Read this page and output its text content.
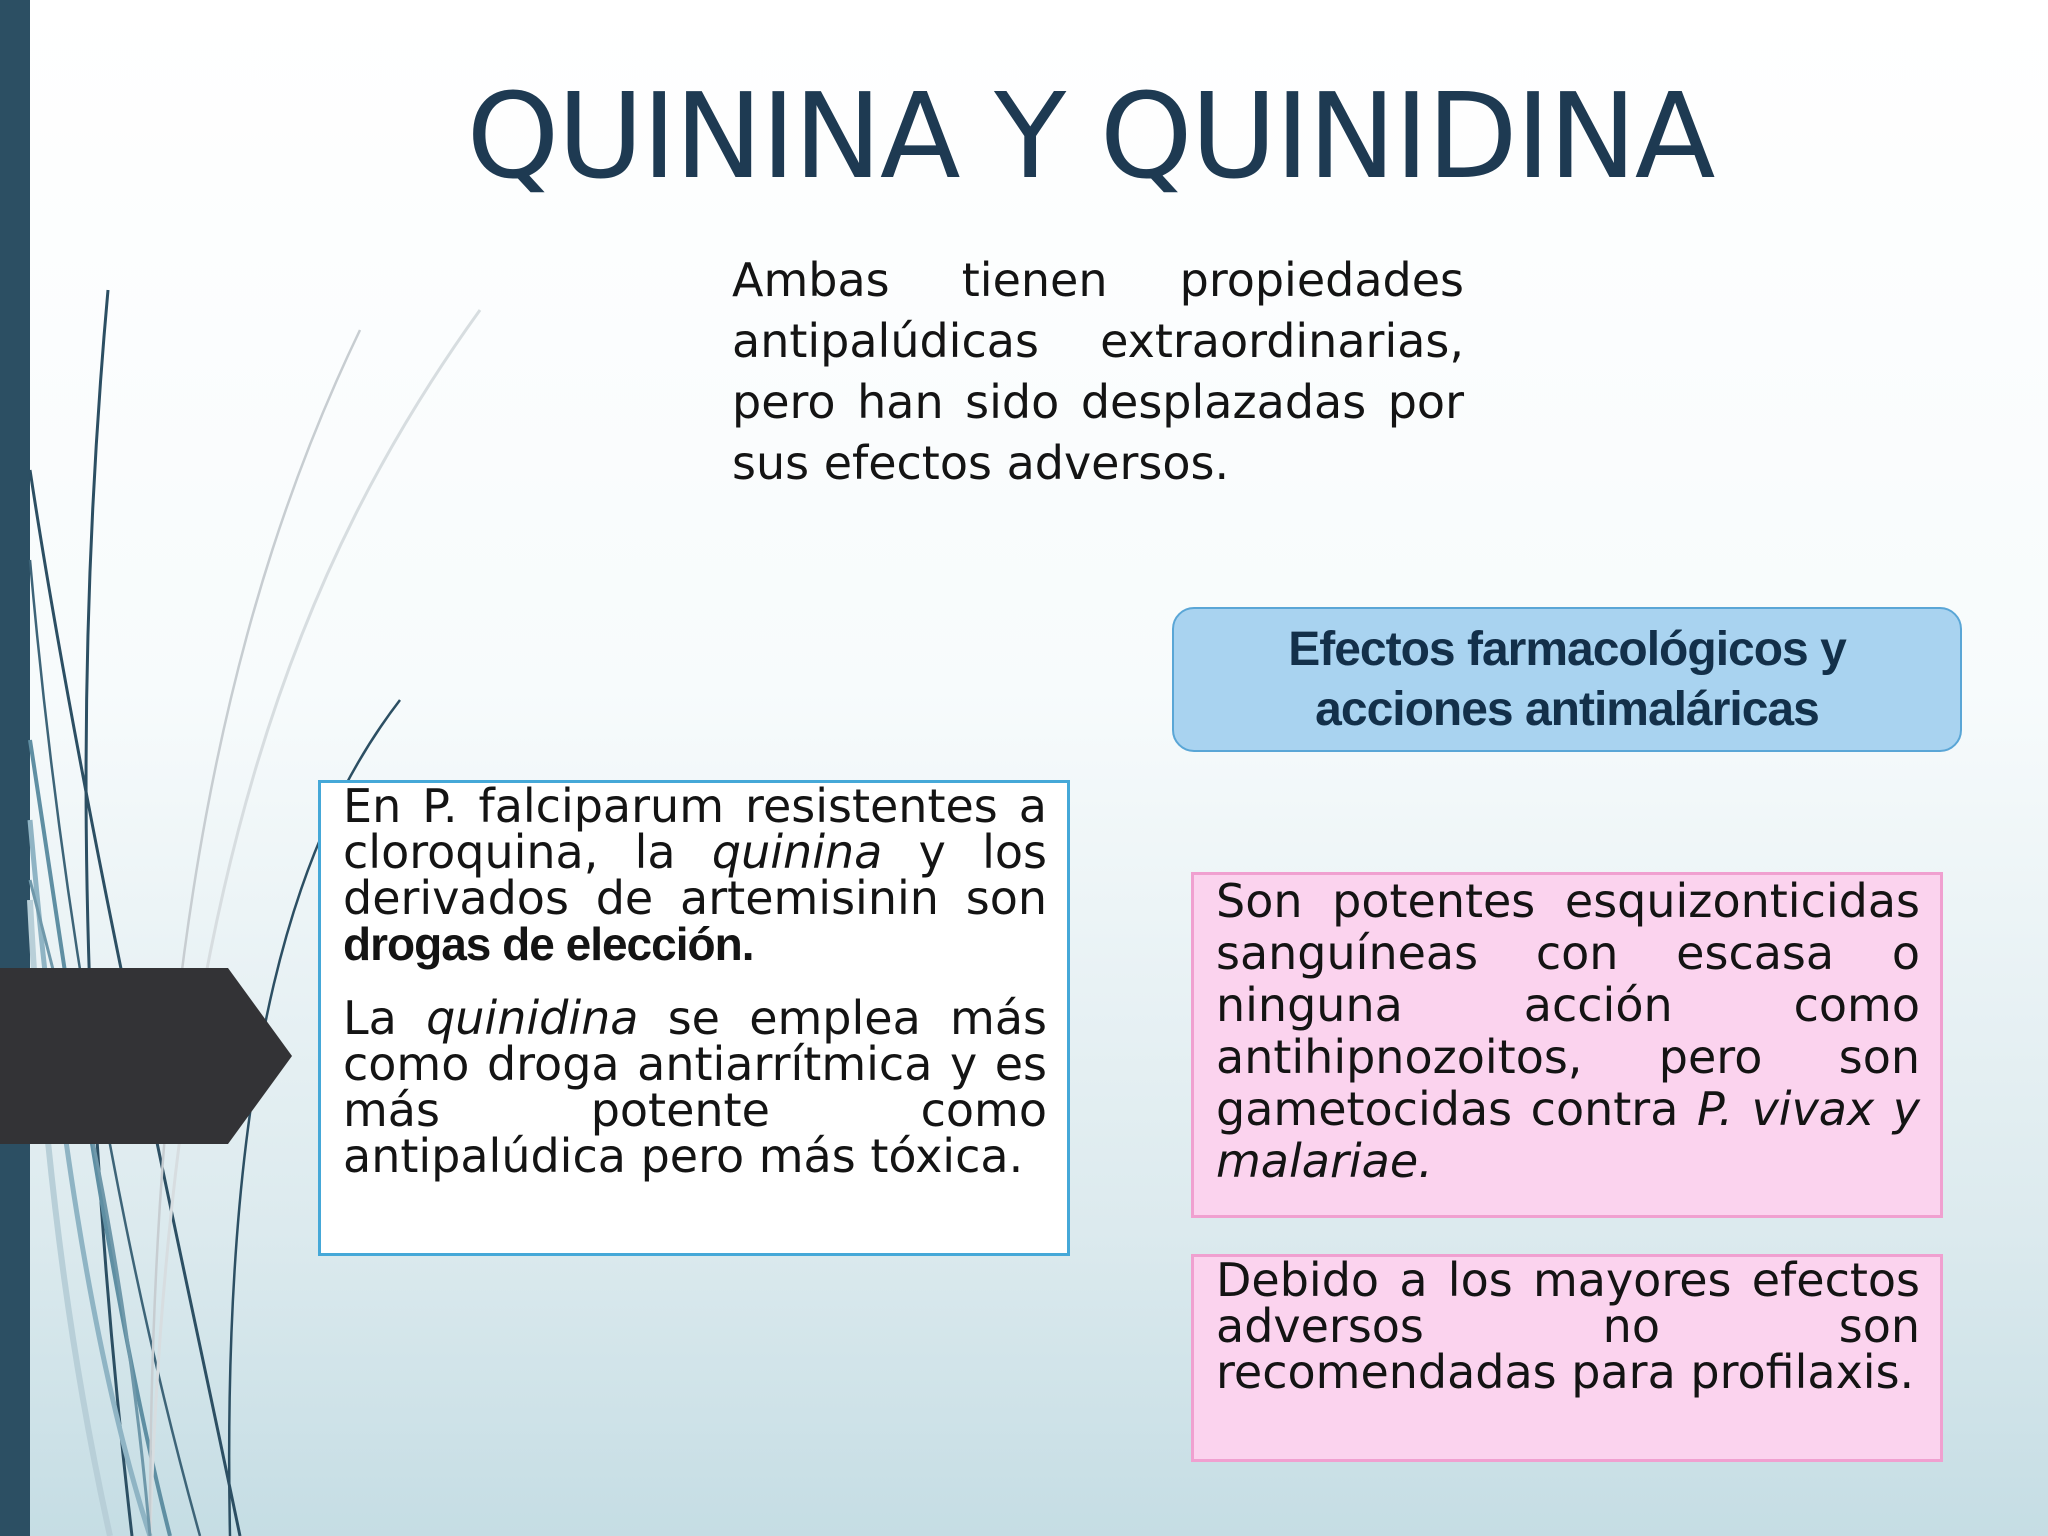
QUININA Y QUINIDINA

Ambas tienen propiedades antipalúdicas extraordinarias, pero han sido desplazadas por sus efectos adversos.

Efectos farmacológicos y
acciones antimaláricas

En P. falciparum resistentes a cloroquina, la quinina y los derivados de artemisinin son drogas de elección.

La quinidina se emplea más como droga antiarrítmica y es más potente como antipalúdica pero más tóxica.

Son potentes esquizonticidas sanguíneas con escasa o ninguna acción como antihipnozoitos, pero son gametocidas contra P. vivax y malariae.

Debido a los mayores efectos adversos no son recomendadas para profilaxis.
